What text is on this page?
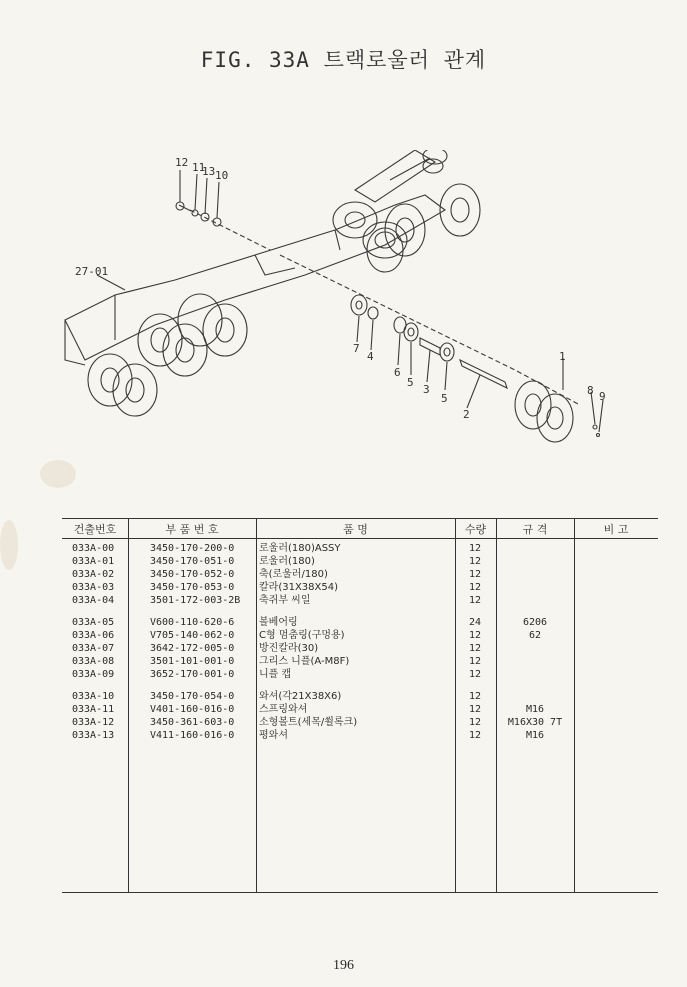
FIG. 33A 트랙로울러 관계
12 11
13 10
27-01
7
4
6
5
3
5
2
1
8 9
건출번호	부 품 번 호	품 명	수량	규 격	비 고
033A-00	3450-170-200-0 로울러(180)ASSY	12
033A-01	3450-170-051-0 로울러(180)	12
033A-02	3450-170-052-0 축(로울러/180)	12
033A-03	3450-170-053-0 칼라(31X38X54)	12
033A-04	3501-172-003-2B 축쥐부 씨일	12
033A-05	V600-110-620-6 볼베어링	24	6206
033A-06	V705-140-062-0 C형 멈춤링(구멍용)	12	62
033A-07	3642-172-005-0 방진칼라(30)	12
033A-08	3501-101-001-0 그리스 니플(A-M8F)	12
033A-09	3652-170-001-0 니플 캡	12
033A-10	3450-170-054-0 와셔(각21X38X6)	12
033A-11	V401-160-016-0 스프링와셔	12	M16
033A-12	3450-361-603-0 소형볼트(세목/쐴록크)	12	M16X30 7T
033A-13	V411-160-016-0 평와셔	12	M16
196
